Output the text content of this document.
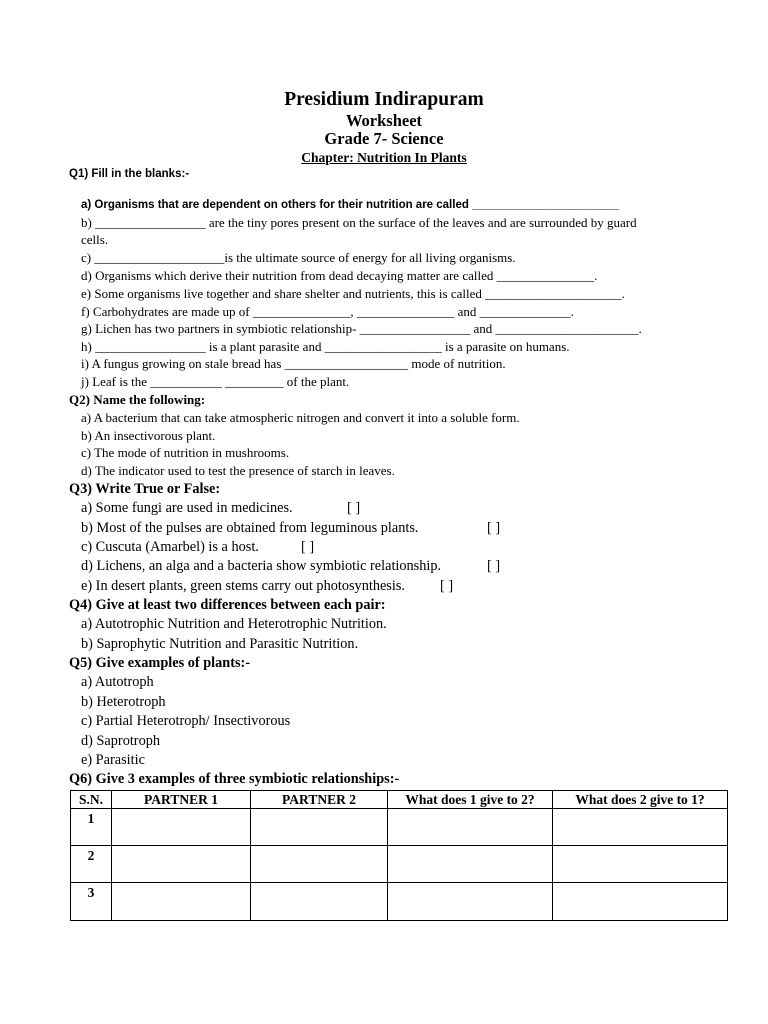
Presidium Indirapuram
Worksheet
Grade 7- Science
Chapter: Nutrition In Plants
Q1) Fill in the blanks:-
a) Organisms that are dependent on others for their nutrition are called _______________________
b) _________________ are the tiny pores present on the surface of the leaves and are surrounded by guard
cells.
c) ____________________is the ultimate source of energy for all living organisms.
d) Organisms which derive their nutrition from dead decaying matter are called _______________.
e) Some organisms live together and share shelter and nutrients, this is called _____________________.
f) Carbohydrates are made up of _______________, _______________ and ______________.
g) Lichen has two partners in symbiotic relationship- _________________ and ______________________.
h) _________________ is a plant parasite and __________________ is a parasite on humans.
i) A fungus growing on stale bread has ___________________ mode of nutrition.
j) Leaf is the ___________ _________ of the plant.
Q2) Name the following:
a) A bacterium that can take atmospheric nitrogen and convert it into a soluble form.
b) An insectivorous plant.
c) The mode of nutrition in mushrooms.
d) The indicator used to test the presence of starch in leaves.
Q3) Write True or False:
a) Some fungi are used in medicines.	[ ]
b) Most of the pulses are obtained from leguminous plants.	[ ]
c) Cuscuta (Amarbel) is a host.	[ ]
d) Lichens, an alga and a bacteria show symbiotic relationship.	[ ]
e) In desert plants, green stems carry out photosynthesis. [ ]
Q4) Give at least two differences between each pair:
a) Autotrophic Nutrition and Heterotrophic Nutrition.
b) Saprophytic Nutrition and Parasitic Nutrition.
Q5) Give examples of plants:-
a) Autotroph
b) Heterotroph
c) Partial Heterotroph/ Insectivorous
d) Saprotroph
e) Parasitic
Q6) Give 3 examples of three symbiotic relationships:-
S.N.	PARTNER 1	PARTNER 2	What does 1 give to 2?	What does 2 give to 1?
1				
2				
3				
